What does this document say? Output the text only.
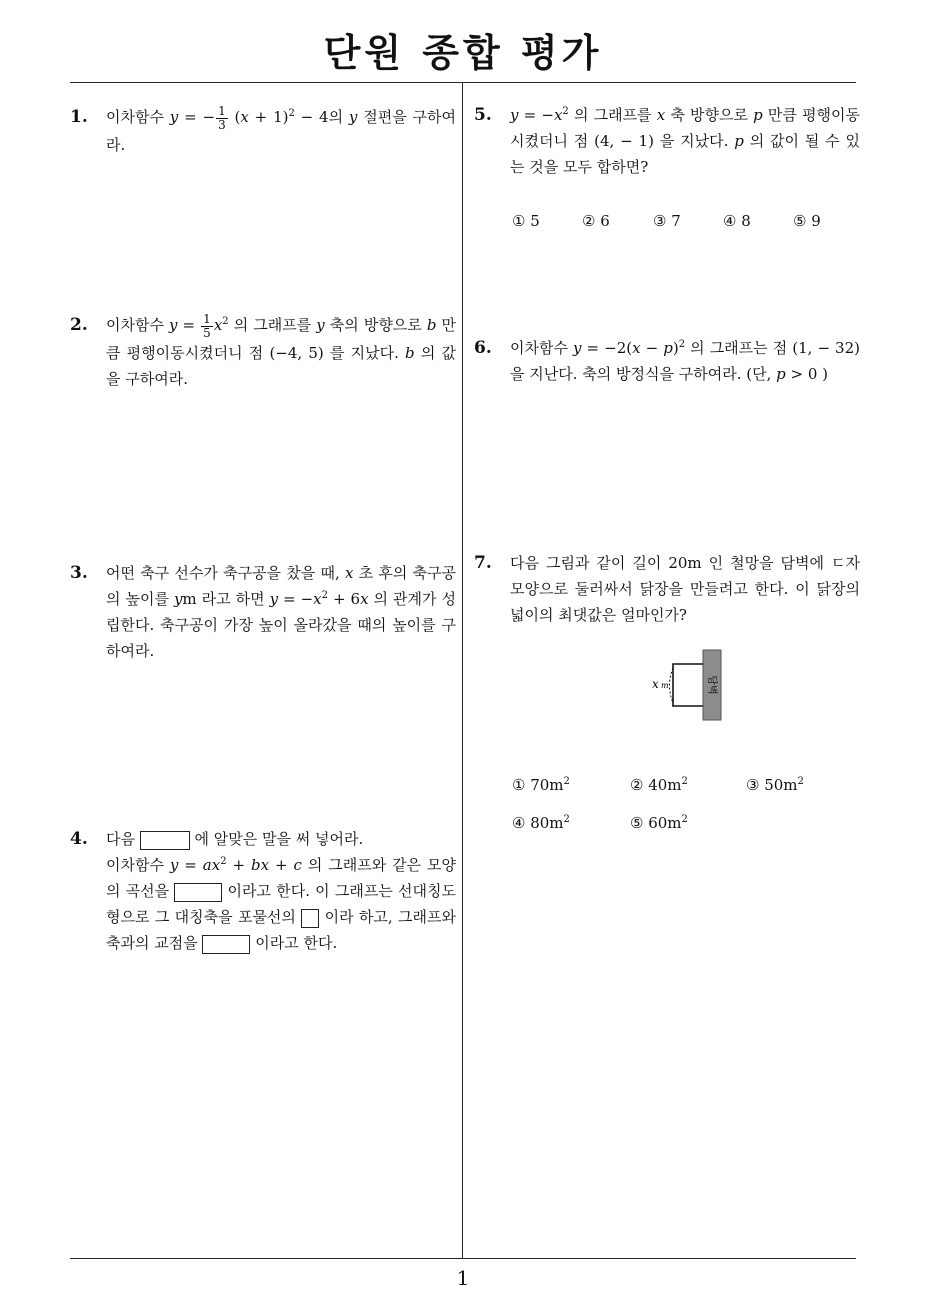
단원 종합 평가
1
1. 이차함수 y = − $\frac{1}{3} (x + 1)^2 - 4$의 y 절편을 구하여라.
2. 이차함수 $y = \frac{1}{5} x^2$ 의 그래프를 y 축의 방향으로 b 만큼 평행이동시켰더니 점 (−4, 5) 를 지났다. b 의 값을 구하여라.
3. 어떤 축구 선수가 축구공을 찼을 때, x 초 후의 축구공의 높이를 ym 라고 하면 $y = -x^2 + 6x$ 의 관계가 성립한다. 축구공이 가장 높이 올라갔을 때의 높이를 구하여라.
4. 다음	에 알맞은 말을 써 넣어라.
이차함수 $y = ax^2$ + bx + c 의 그래프와 같은 모양의 곡선을	이라고 한다. 이 그래프는 선대칭도형으로 그 대칭축을 포물선의  이라 하고, 그래프와 축과의 교점을	이라고 한다.
5. $y = -x^2$ 의 그래프를 x 축 방향으로 p 만큼 평행이동 시켰더니 점 (4, − 1) 을 지났다. p 의 값이 될 수 있는 것을 모두 합하면?
① 5	② 6	③ 7	④ 8	⑤ 9
6. 이차함수 $y = -2(x - p)^2$ 의 그래프는 점 (1, − 32) 을 지난다. 축의 방정식을 구하여라. (단, p > 0 )
7. 다음 그림과 같이 길이 20m 인 철망을 담벽에 ㄷ자 모양으로 둘러싸서 닭장을 만들려고 한다. 이 닭장의 넓이의 최댓값은 얼마인가?
x m	담벽
① $70m^2$	② $40m^2$	③ $50m^2$
④ $80m^2$	⑤ $60m^2$
